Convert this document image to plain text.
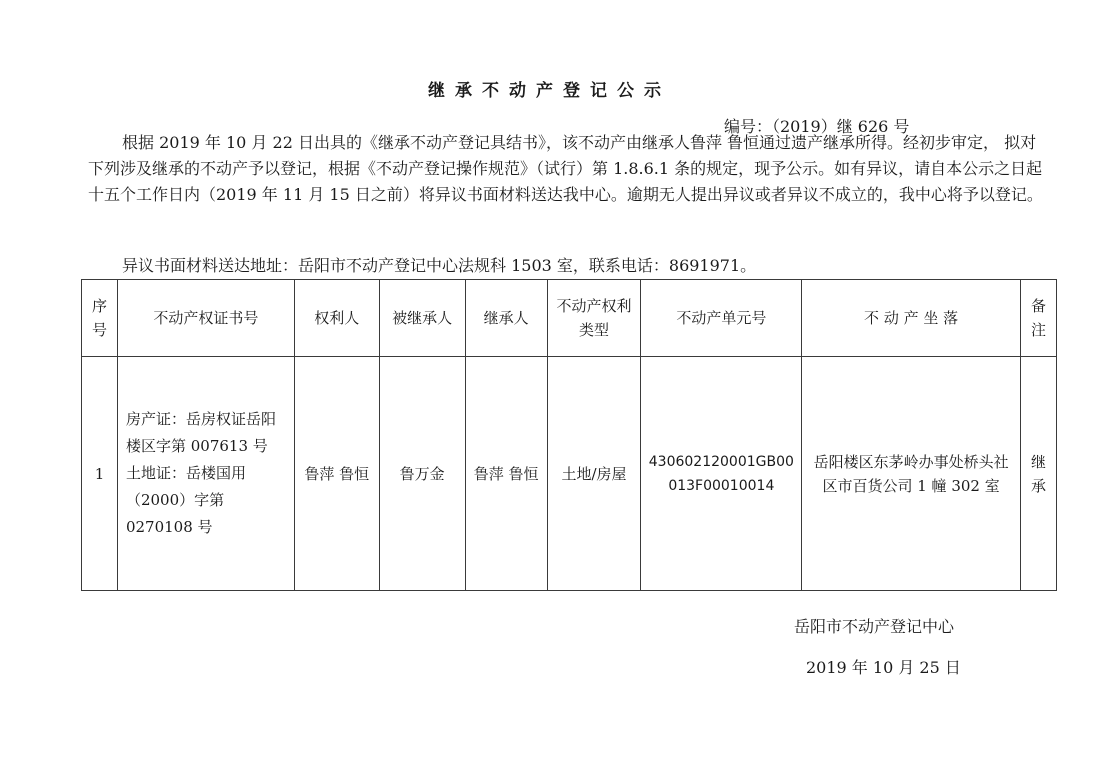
继承不动产登记公示
编号：（2019）继 626 号
根据 2019 年 10 月 22 日出具的《继承不动产登记具结书》，该不动产由继承人鲁萍 鲁恒通过遗产继承所得。经初步审定， 拟对下列涉及继承的不动产予以登记，根据《不动产登记操作规范》（试行）第 1.8.6.1 条的规定，现予公示。如有异议，请自本公示之日起十五个工作日内（2019 年 11 月 15 日之前）将异议书面材料送达我中心。逾期无人提出异议或者异议不成立的，我中心将予以登记。
异议书面材料送达地址：岳阳市不动产登记中心法规科 1503 室，联系电话：8691971。
序号	不动产权证书号	权利人	被继承人	继承人	不动产权利类型	不动产单元号	不 动 产 坐 落	备注
1	房产证：岳房权证岳阳楼区字第 007613 号
土地证：岳楼国用（2000）字第 0270108 号	鲁萍 鲁恒	鲁万金	鲁萍 鲁恒	土地/房屋	430602120001GB00013F00010014	岳阳楼区东茅岭办事处桥头社区市百货公司 1 幢 302 室	继承
岳阳市不动产登记中心
2019 年 10 月 25 日
